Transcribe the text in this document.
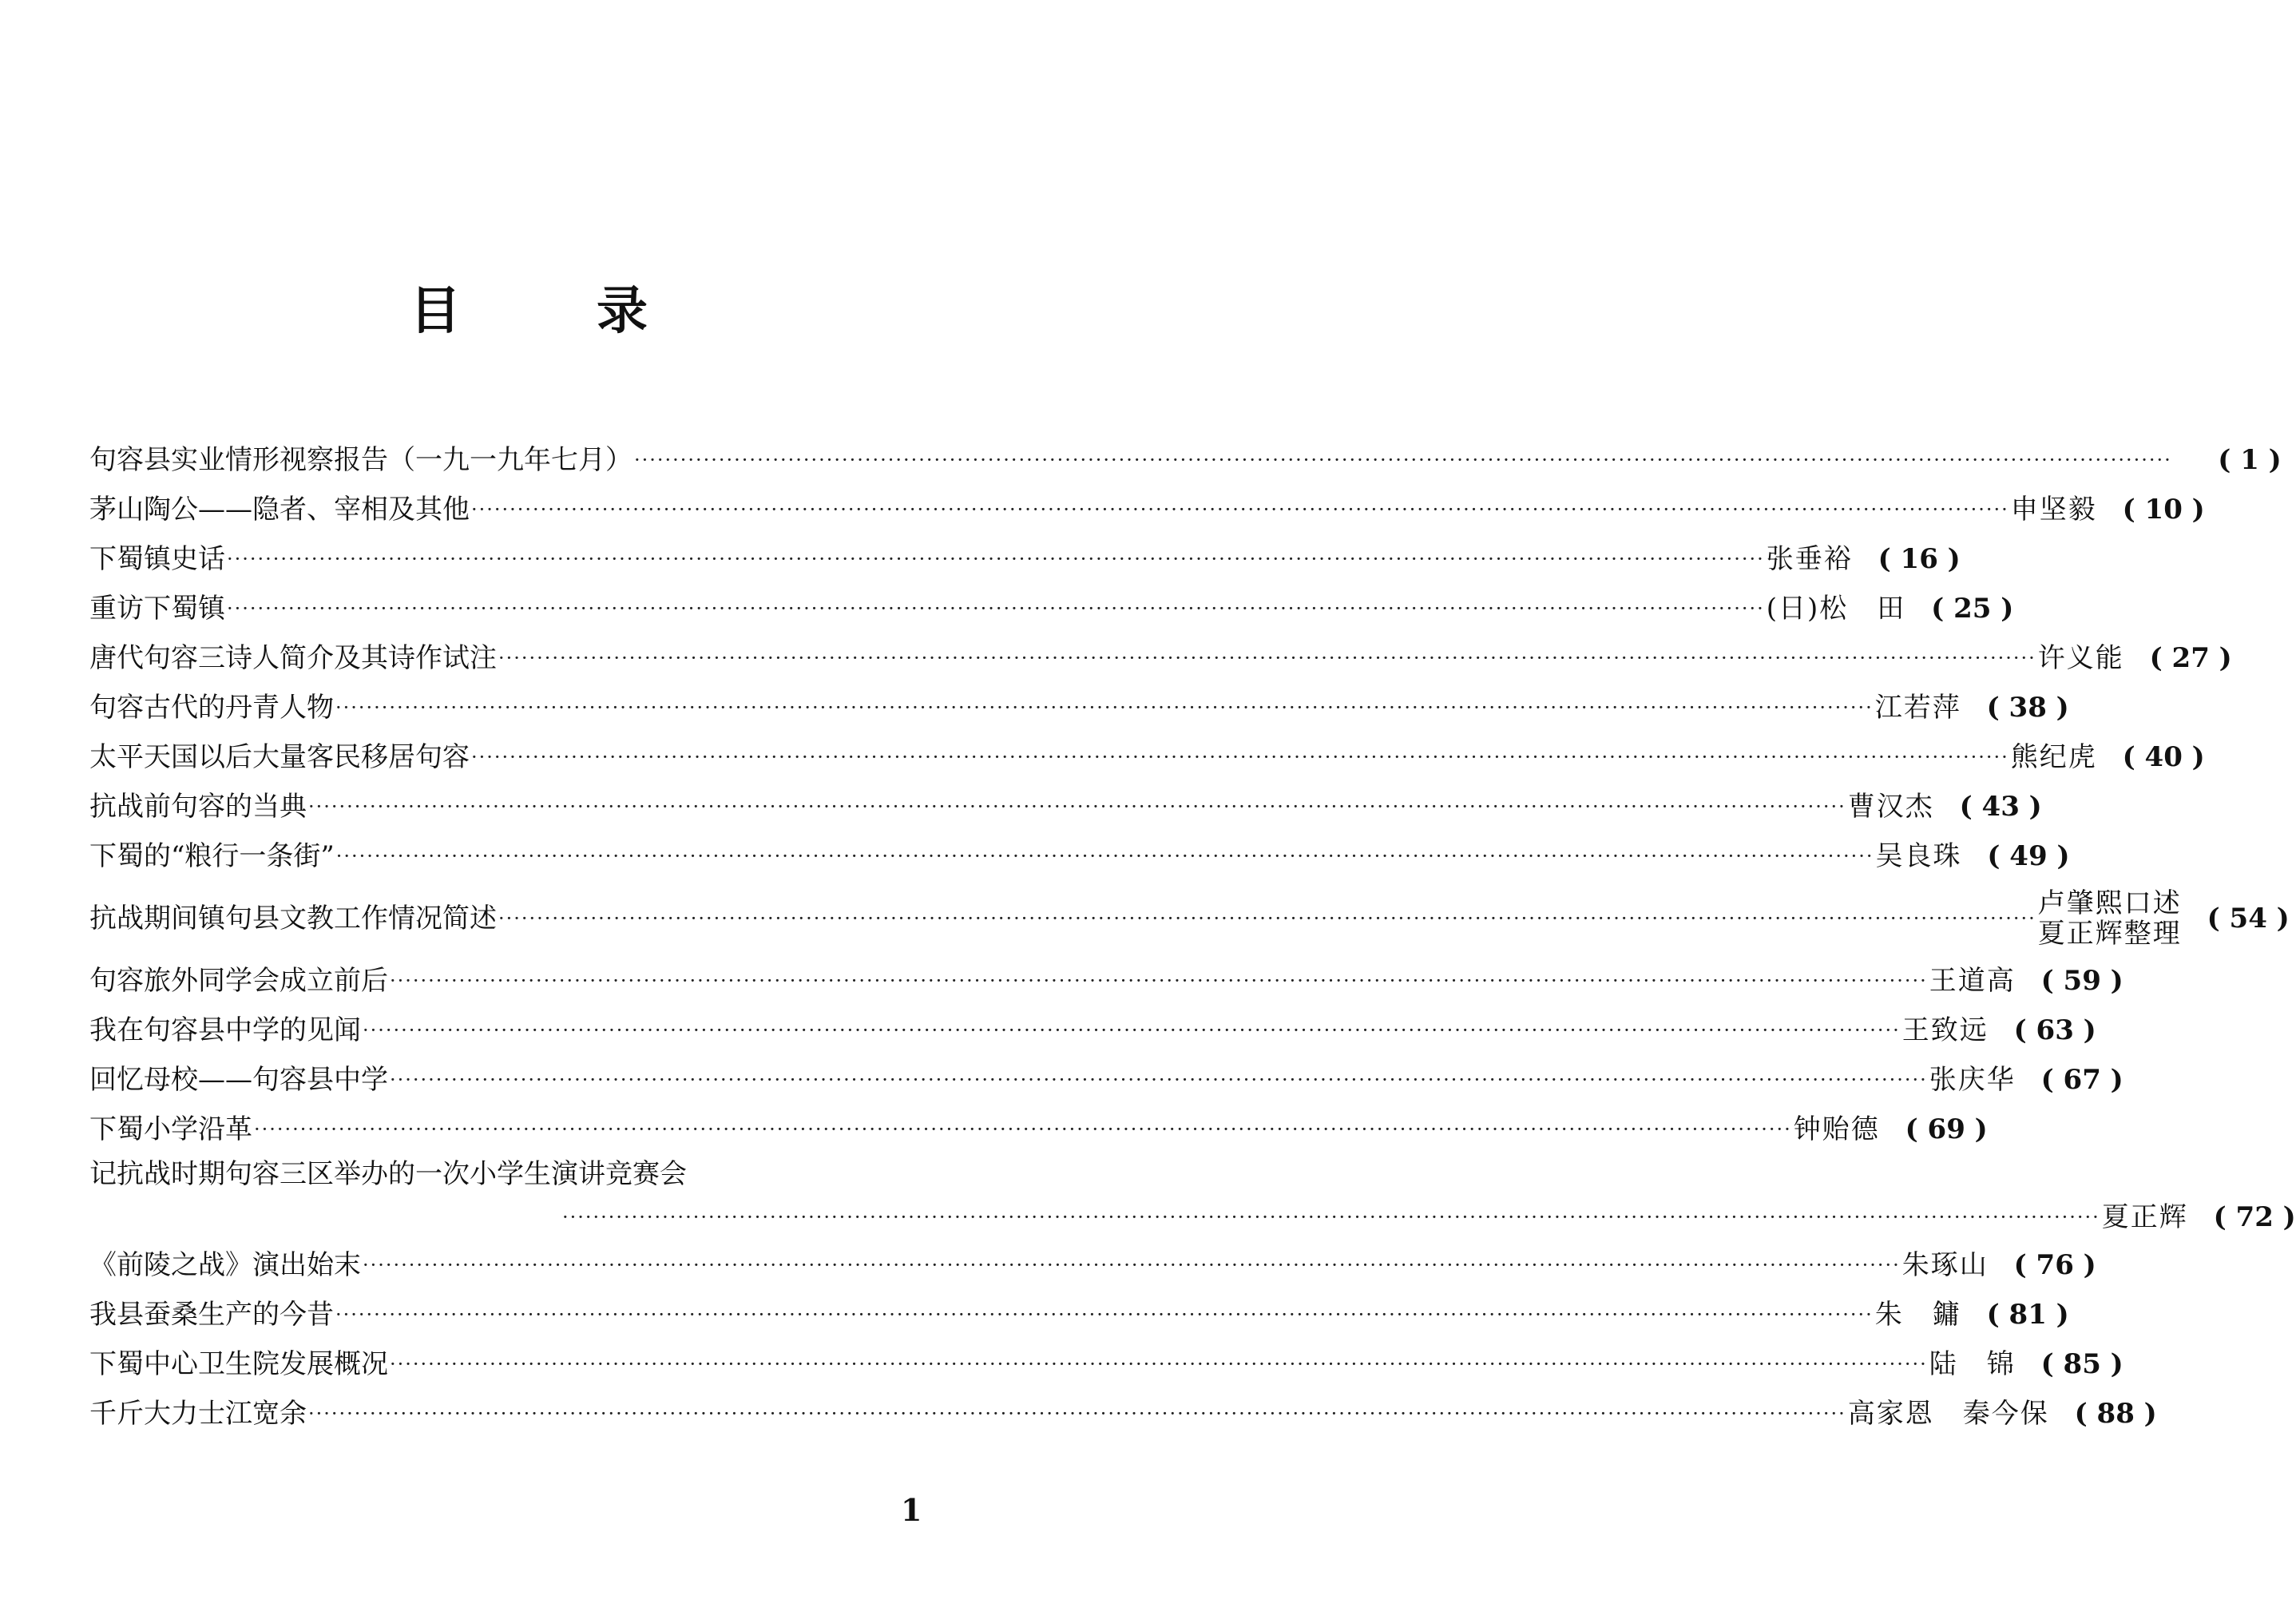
目	录
句容县实业情形视察报告（一九一九年七月） ········································································································································································································	( 1 )
茅山陶公——隐者、宰相及其他 ········································································································································································································ 申坚毅 ( 10 )
下蜀镇史话 ········································································································································································································ 张垂裕 ( 16 )
重访下蜀镇 ········································································································································································································ (日)松　田 ( 25 )
唐代句容三诗人简介及其诗作试注 ········································································································································································································ 许义能 ( 27 )
句容古代的丹青人物 ········································································································································································································ 江若萍 ( 38 )
太平天国以后大量客民移居句容 ········································································································································································································ 熊纪虎 ( 40 )
抗战前句容的当典 ········································································································································································································ 曹汉杰 ( 43 )
下蜀的“粮行一条街” ········································································································································································································ 吴良珠 ( 49 )
抗战期间镇句县文教工作情况简述 ········································································································································································································ 卢肇熙口述
夏正辉整理 ( 54 )
句容旅外同学会成立前后 ········································································································································································································ 王道高 ( 59 )
我在句容县中学的见闻 ········································································································································································································ 王致远 ( 63 )
回忆母校——句容县中学 ········································································································································································································ 张庆华 ( 67 )
下蜀小学沿革 ········································································································································································································ 钟贻德 ( 69 )
记抗战时期句容三区举办的一次小学生演讲竞赛会
········································································································································································································ 夏正辉 ( 72 )
《前陵之战》演出始末 ········································································································································································································ 朱琢山 ( 76 )
我县蚕桑生产的今昔 ········································································································································································································ 朱　鏞 ( 81 )
下蜀中心卫生院发展概况 ········································································································································································································ 陆　锦 ( 85 )
千斤大力士江宽余 ········································································································································································································ 高家恩　秦今保 ( 88 )
1
